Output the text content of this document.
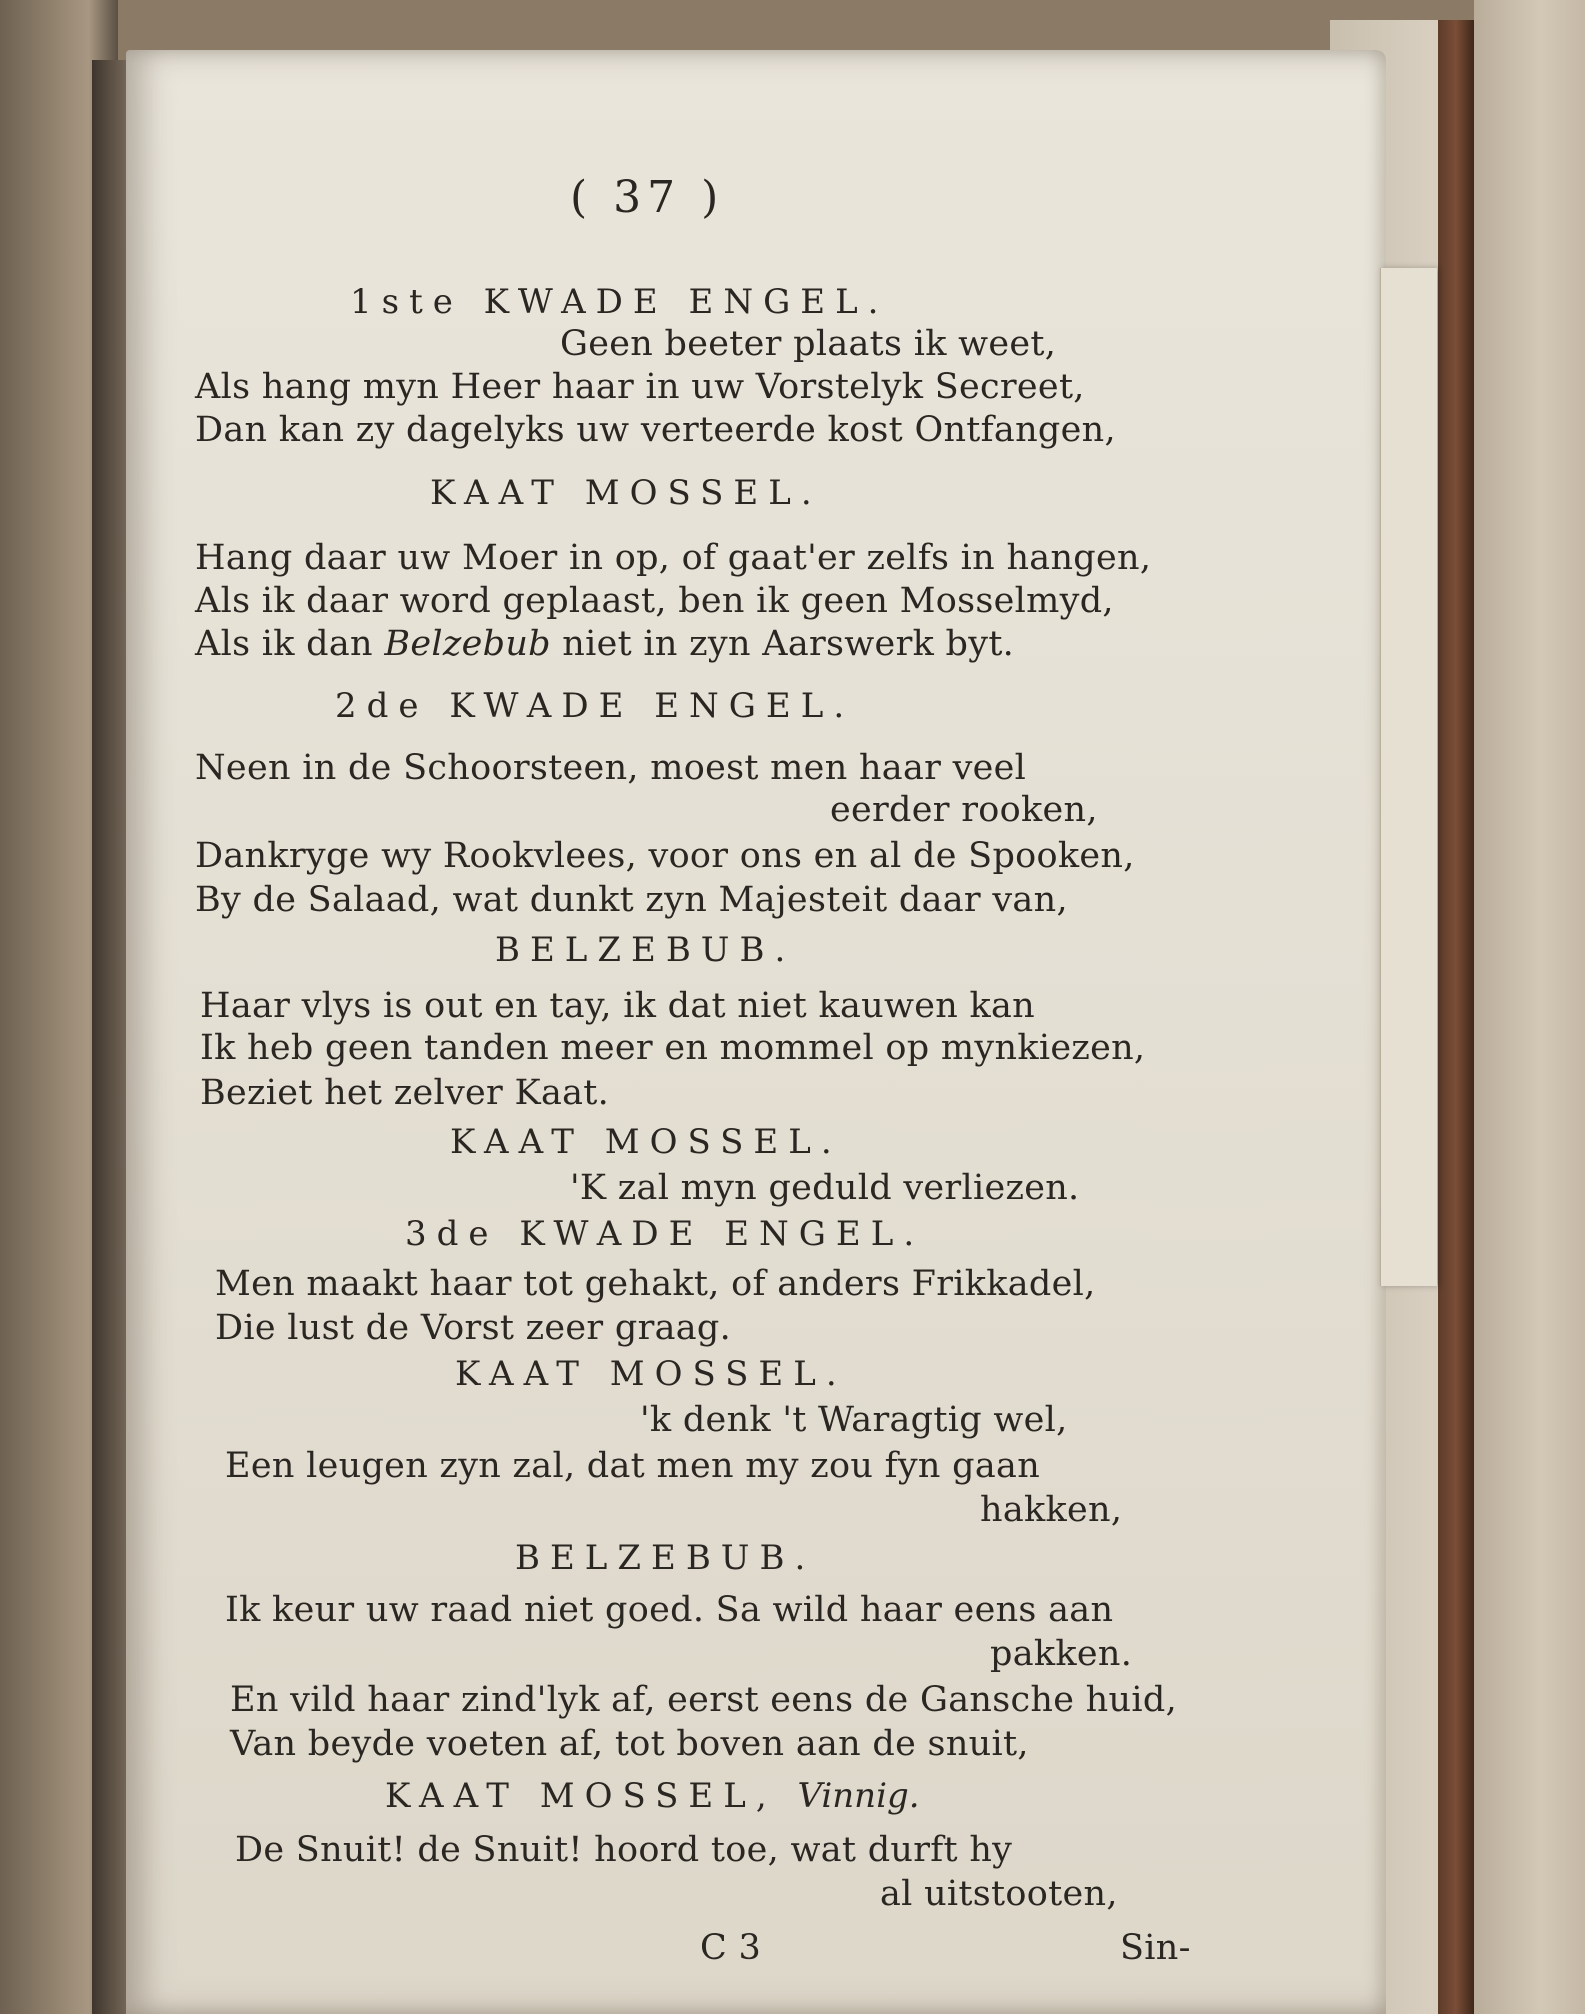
( 37 )
1ste KWADE ENGEL.
Geen beeter plaats ik weet,
Als hang myn Heer haar in uw Vorstelyk Secreet,
Dan kan zy dagelyks uw verteerde kost Ontfangen,
KAAT MOSSEL.
Hang daar uw Moer in op, of gaat'er zelfs in hangen,
Als ik daar word geplaast, ben ik geen Mosselmyd,
Als ik dan Belzebub niet in zyn Aarswerk byt.
2de KWADE ENGEL.
Neen in de Schoorsteen, moest men haar veel
eerder rooken,
Dankryge wy Rookvlees, voor ons en al de Spooken,
By de Salaad, wat dunkt zyn Majesteit daar van,
BELZEBUB.
Haar vlys is out en tay, ik dat niet kauwen kan
Ik heb geen tanden meer en mommel op mynkiezen,
Beziet het zelver Kaat.
KAAT MOSSEL.
'K zal myn geduld verliezen.
3de KWADE ENGEL.
Men maakt haar tot gehakt, of anders Frikkadel,
Die lust de Vorst zeer graag.
KAAT MOSSEL.
'k denk 't Waragtig wel,
Een leugen zyn zal, dat men my zou fyn gaan
hakken,
BELZEBUB.
Ik keur uw raad niet goed. Sa wild haar eens aan
pakken.
En vild haar zind'lyk af, eerst eens de Gansche huid,
Van beyde voeten af, tot boven aan de snuit,
KAAT MOSSEL, Vinnig.
De Snuit! de Snuit! hoord toe, wat durft hy
al uitstooten,
C 3	Sin-
